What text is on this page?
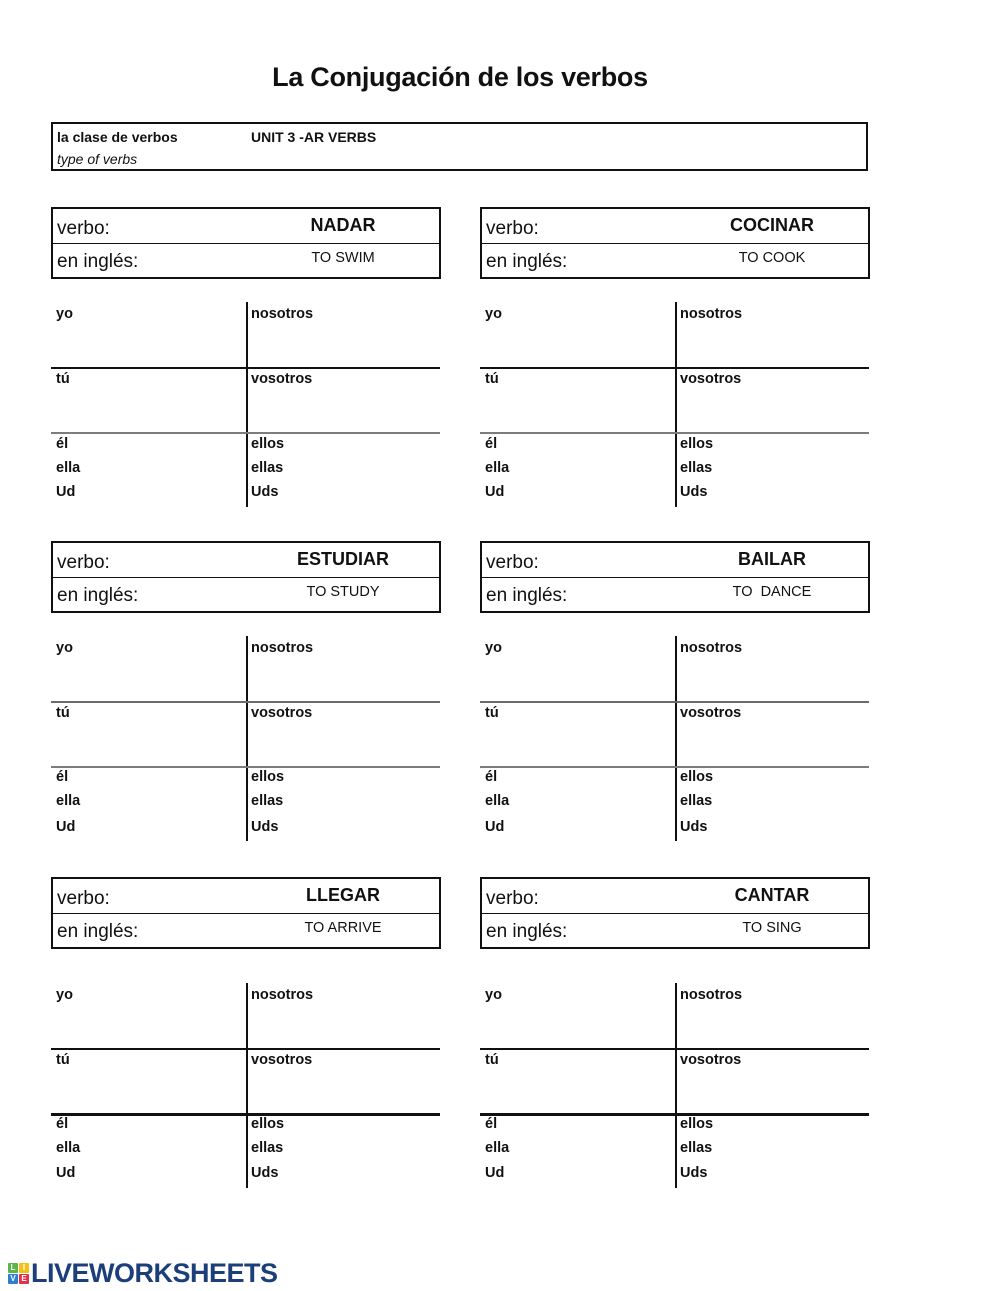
La Conjugación de los verbos
la clase de verbos	UNIT 3 -AR VERBS
type of verbs
verbo:	NADAR
en inglés:	TO SWIM
verbo:	COCINAR
en inglés:	TO COOK
yo	nosotros
tú	vosotros
él	ellos
ella	ellas
Ud	Uds
yo	nosotros
tú	vosotros
él	ellos
ella	ellas
Ud	Uds
verbo:	ESTUDIAR
en inglés:	TO STUDY
verbo:	BAILAR
en inglés:	TO  DANCE
yo	nosotros
tú	vosotros
él	ellos
ella	ellas
Ud	Uds
yo	nosotros
tú	vosotros
él	ellos
ella	ellas
Ud	Uds
verbo:	LLEGAR
en inglés:	TO ARRIVE
verbo:	CANTAR
en inglés:	TO SING
yo	nosotros
tú	vosotros
él	ellos
ella	ellas
Ud	Uds
yo	nosotros
tú	vosotros
él	ellos
ella	ellas
Ud	Uds
L I
V E LIVEWORKSHEETS
